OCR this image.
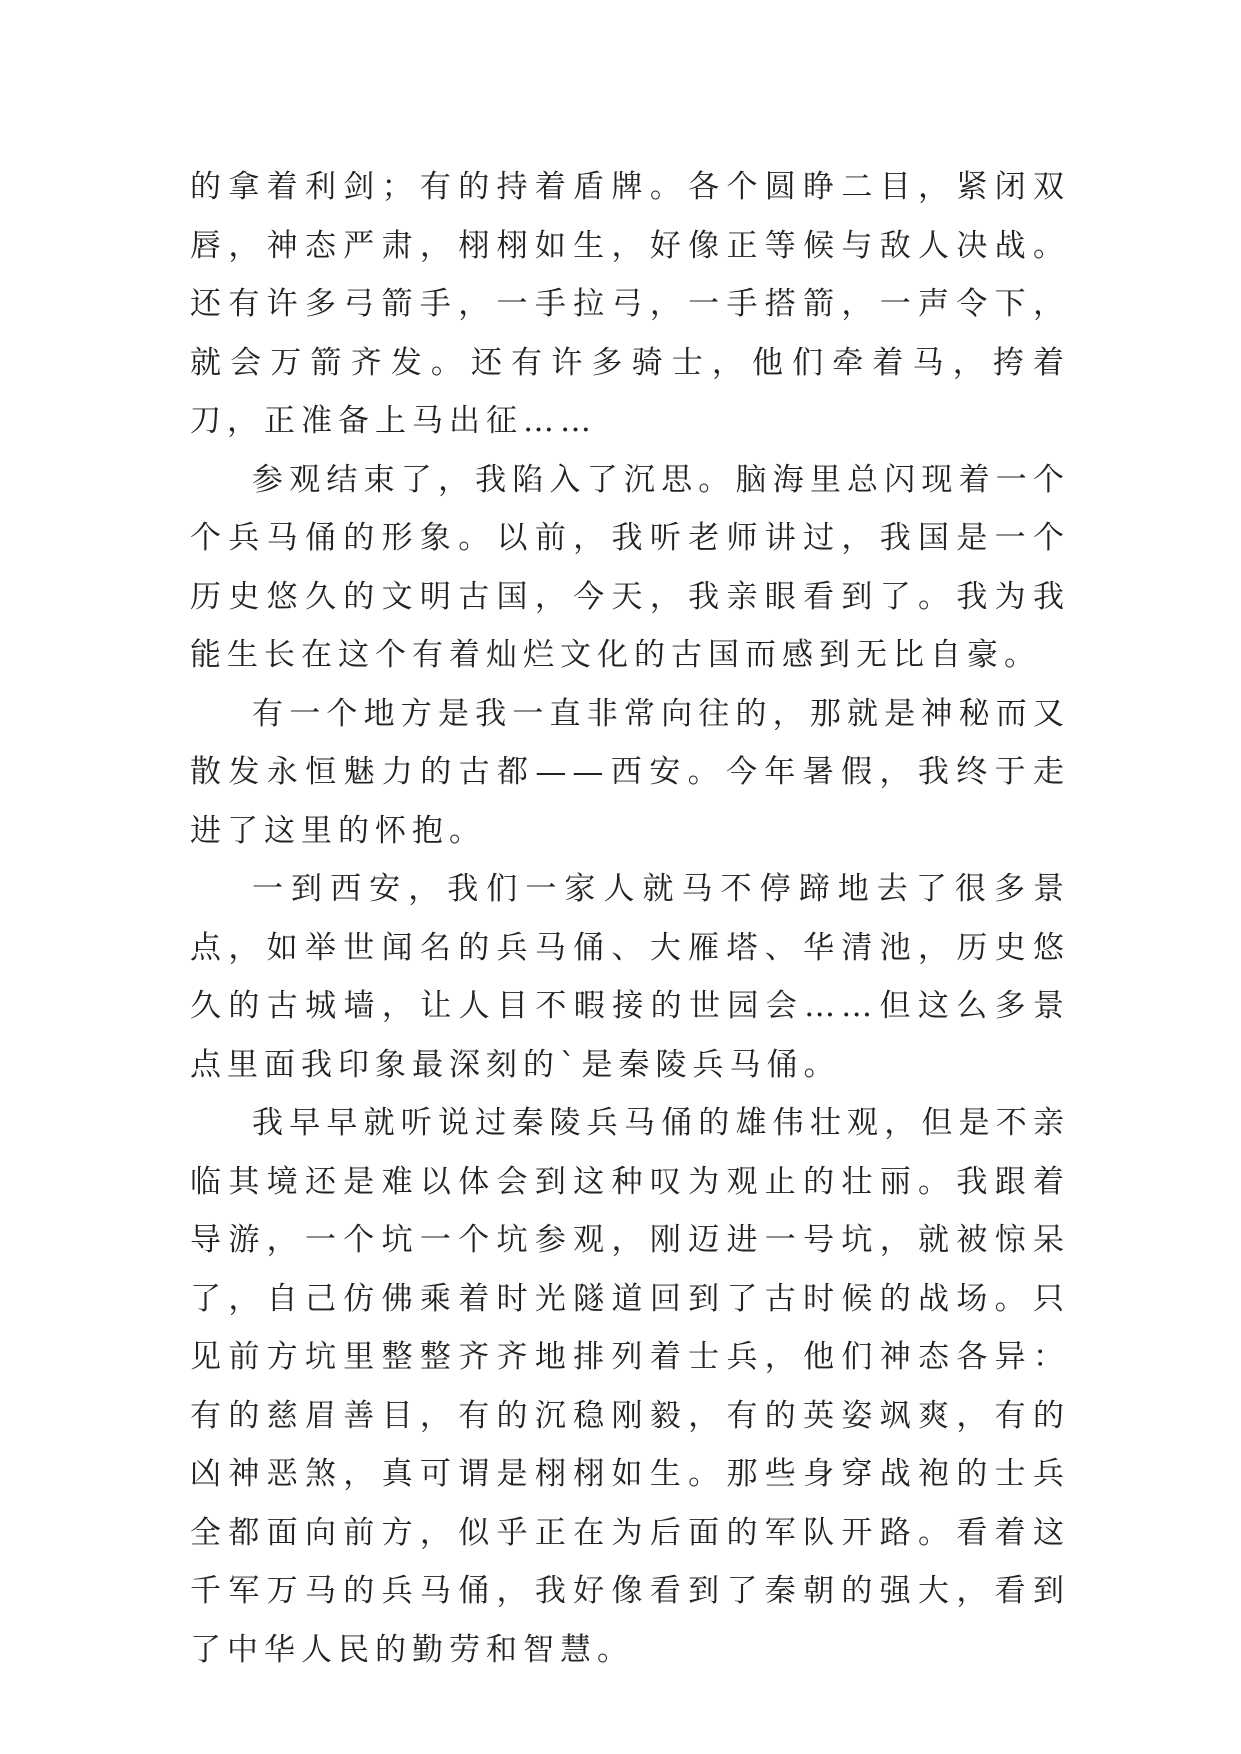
的拿着利剑；有的持着盾牌。各个圆睁二目，紧闭双唇，神态严肃，栩栩如生，好像正等候与敌人决战。还有许多弓箭手，一手拉弓，一手搭箭，一声令下，就会万箭齐发。还有许多骑士，他们牵着马，挎着刀，正准备上马出征……

参观结束了，我陷入了沉思。脑海里总闪现着一个个兵马俑的形象。以前，我听老师讲过，我国是一个历史悠久的文明古国，今天，我亲眼看到了。我为我能生长在这个有着灿烂文化的古国而感到无比自豪。

有一个地方是我一直非常向往的，那就是神秘而又散发永恒魅力的古都——西安。今年暑假，我终于走进了这里的怀抱。

一到西安，我们一家人就马不停蹄地去了很多景点，如举世闻名的兵马俑、大雁塔、华清池，历史悠久的古城墙，让人目不暇接的世园会……但这么多景点里面我印象最深刻的`是秦陵兵马俑。

我早早就听说过秦陵兵马俑的雄伟壮观，但是不亲临其境还是难以体会到这种叹为观止的壮丽。我跟着导游，一个坑一个坑参观，刚迈进一号坑，就被惊呆了，自己仿佛乘着时光隧道回到了古时候的战场。只见前方坑里整整齐齐地排列着士兵，他们神态各异：有的慈眉善目，有的沉稳刚毅，有的英姿飒爽，有的凶神恶煞，真可谓是栩栩如生。那些身穿战袍的士兵全都面向前方，似乎正在为后面的军队开路。看着这千军万马的兵马俑，我好像看到了秦朝的强大，看到了中华人民的勤劳和智慧。
